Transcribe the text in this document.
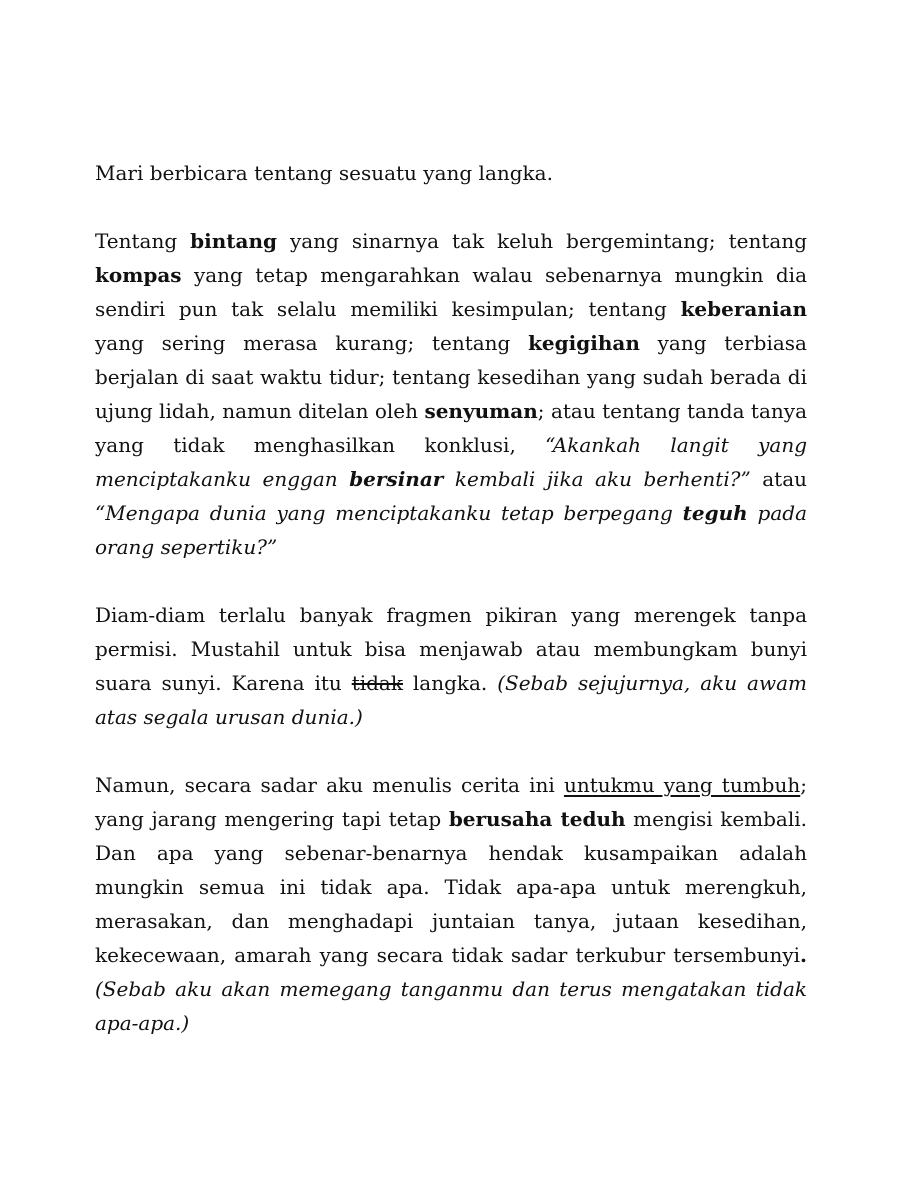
Mari berbicara tentang sesuatu yang langka.

Tentang bintang yang sinarnya tak keluh bergemintang; tentang kompas yang tetap mengarahkan walau sebenarnya mungkin dia sendiri pun tak selalu memiliki kesimpulan; tentang keberanian yang sering merasa kurang; tentang kegigihan yang terbiasa berjalan di saat waktu tidur; tentang kesedihan yang sudah berada di ujung lidah, namun ditelan oleh senyuman; atau tentang tanda tanya yang tidak menghasilkan konklusi, “Akankah langit yang menciptakanku enggan bersinar kembali jika aku berhenti?” atau “Mengapa dunia yang menciptakanku tetap berpegang teguh pada orang sepertiku?”

Diam-diam terlalu banyak fragmen pikiran yang merengek tanpa permisi. Mustahil untuk bisa menjawab atau membungkam bunyi suara sunyi. Karena itu tidak langka. (Sebab sejujurnya, aku awam atas segala urusan dunia.)

Namun, secara sadar aku menulis cerita ini untukmu yang tumbuh; yang jarang mengering tapi tetap berusaha teduh mengisi kembali. Dan apa yang sebenar-benarnya hendak kusampaikan adalah mungkin semua ini tidak apa. Tidak apa-apa untuk merengkuh, merasakan, dan menghadapi juntaian tanya, jutaan kesedihan, kekecewaan, amarah yang secara tidak sadar terkubur tersembunyi. (Sebab aku akan memegang tanganmu dan terus mengatakan tidak apa-apa.)
